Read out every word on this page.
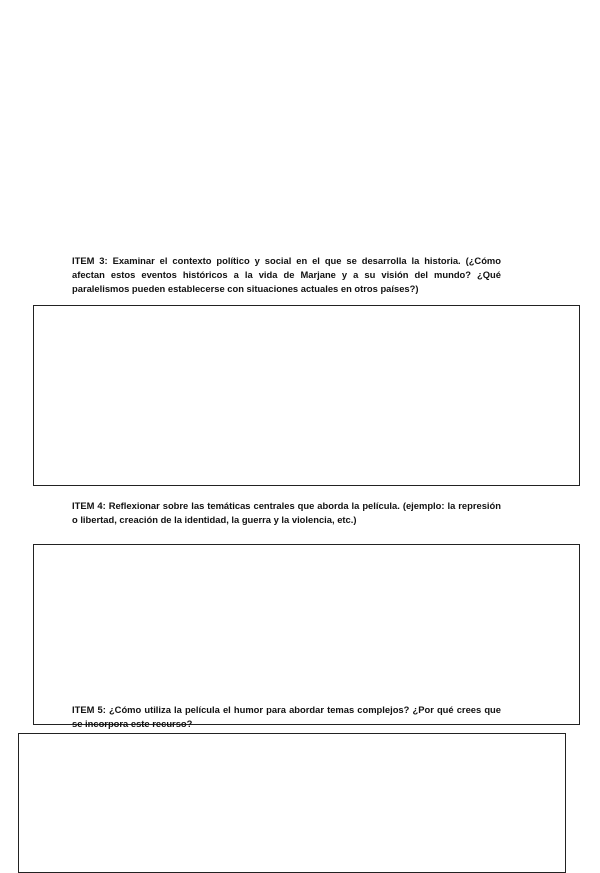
ITEM 3: Examinar el contexto político y social en el que se desarrolla la historia. (¿Cómo afectan estos eventos históricos a la vida de Marjane y a su visión del mundo? ¿Qué paralelismos pueden establecerse con situaciones actuales en otros países?)

ITEM 4: Reflexionar sobre las temáticas centrales que aborda la película. (ejemplo: la represión o libertad, creación de la identidad, la guerra y la violencia, etc.)

ITEM 5: ¿Cómo utiliza la película el humor para abordar temas complejos? ¿Por qué crees que se incorpora este recurso?
